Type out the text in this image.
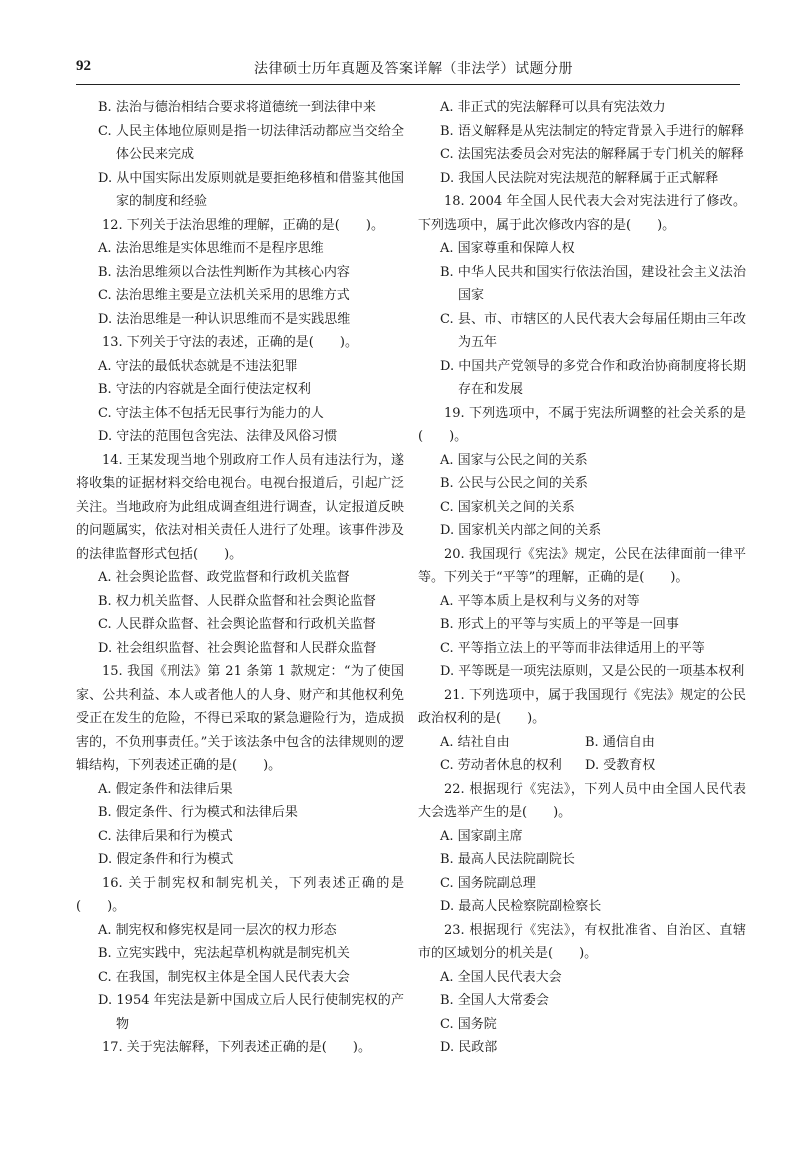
92	法律硕士历年真题及答案详解（非法学）试题分册

B. 法治与德治相结合要求将道德统一到法律中来

C. 人民主体地位原则是指一切法律活动都应当交给全体公民来完成

D. 从中国实际出发原则就是要拒绝移植和借鉴其他国家的制度和经验

12. 下列关于法治思维的理解，正确的是(　　)。

A. 法治思维是实体思维而不是程序思维

B. 法治思维须以合法性判断作为其核心内容

C. 法治思维主要是立法机关采用的思维方式

D. 法治思维是一种认识思维而不是实践思维

13. 下列关于守法的表述，正确的是(　　)。

A. 守法的最低状态就是不违法犯罪

B. 守法的内容就是全面行使法定权利

C. 守法主体不包括无民事行为能力的人

D. 守法的范围包含宪法、法律及风俗习惯

14. 王某发现当地个别政府工作人员有违法行为，遂将收集的证据材料交给电视台。电视台报道后，引起广泛关注。当地政府为此组成调查组进行调查，认定报道反映的问题属实，依法对相关责任人进行了处理。该事件涉及的法律监督形式包括(　　)。

A. 社会舆论监督、政党监督和行政机关监督

B. 权力机关监督、人民群众监督和社会舆论监督

C. 人民群众监督、社会舆论监督和行政机关监督

D. 社会组织监督、社会舆论监督和人民群众监督

15. 我国《刑法》第 21 条第 1 款规定：“为了使国家、公共利益、本人或者他人的人身、财产和其他权利免受正在发生的危险，不得已采取的紧急避险行为，造成损害的，不负刑事责任。”关于该法条中包含的法律规则的逻辑结构，下列表述正确的是(　　)。

A. 假定条件和法律后果

B. 假定条件、行为模式和法律后果

C. 法律后果和行为模式

D. 假定条件和行为模式

16. 关于制宪权和制宪机关，下列表述正确的是(　　)。

A. 制宪权和修宪权是同一层次的权力形态

B. 立宪实践中，宪法起草机构就是制宪机关

C. 在我国，制宪权主体是全国人民代表大会

D. 1954 年宪法是新中国成立后人民行使制宪权的产物

17. 关于宪法解释，下列表述正确的是(　　)。

A. 非正式的宪法解释可以具有宪法效力

B. 语义解释是从宪法制定的特定背景入手进行的解释

C. 法国宪法委员会对宪法的解释属于专门机关的解释

D. 我国人民法院对宪法规范的解释属于正式解释

18. 2004 年全国人民代表大会对宪法进行了修改。下列选项中，属于此次修改内容的是(　　)。

A. 国家尊重和保障人权

B. 中华人民共和国实行依法治国，建设社会主义法治国家

C. 县、市、市辖区的人民代表大会每届任期由三年改为五年

D. 中国共产党领导的多党合作和政治协商制度将长期存在和发展

19. 下列选项中，不属于宪法所调整的社会关系的是(　　)。

A. 国家与公民之间的关系

B. 公民与公民之间的关系

C. 国家机关之间的关系

D. 国家机关内部之间的关系

20. 我国现行《宪法》规定，公民在法律面前一律平等。下列关于“平等”的理解，正确的是(　　)。

A. 平等本质上是权利与义务的对等

B. 形式上的平等与实质上的平等是一回事

C. 平等指立法上的平等而非法律适用上的平等

D. 平等既是一项宪法原则，又是公民的一项基本权利

21. 下列选项中，属于我国现行《宪法》规定的公民政治权利的是(　　)。

A. 结社自由	B. 通信自由
C. 劳动者休息的权利	D. 受教育权

22. 根据现行《宪法》，下列人员中由全国人民代表大会选举产生的是(　　)。

A. 国家副主席

B. 最高人民法院副院长

C. 国务院副总理

D. 最高人民检察院副检察长

23. 根据现行《宪法》，有权批准省、自治区、直辖市的区域划分的机关是(　　)。

A. 全国人民代表大会

B. 全国人大常委会

C. 国务院

D. 民政部
